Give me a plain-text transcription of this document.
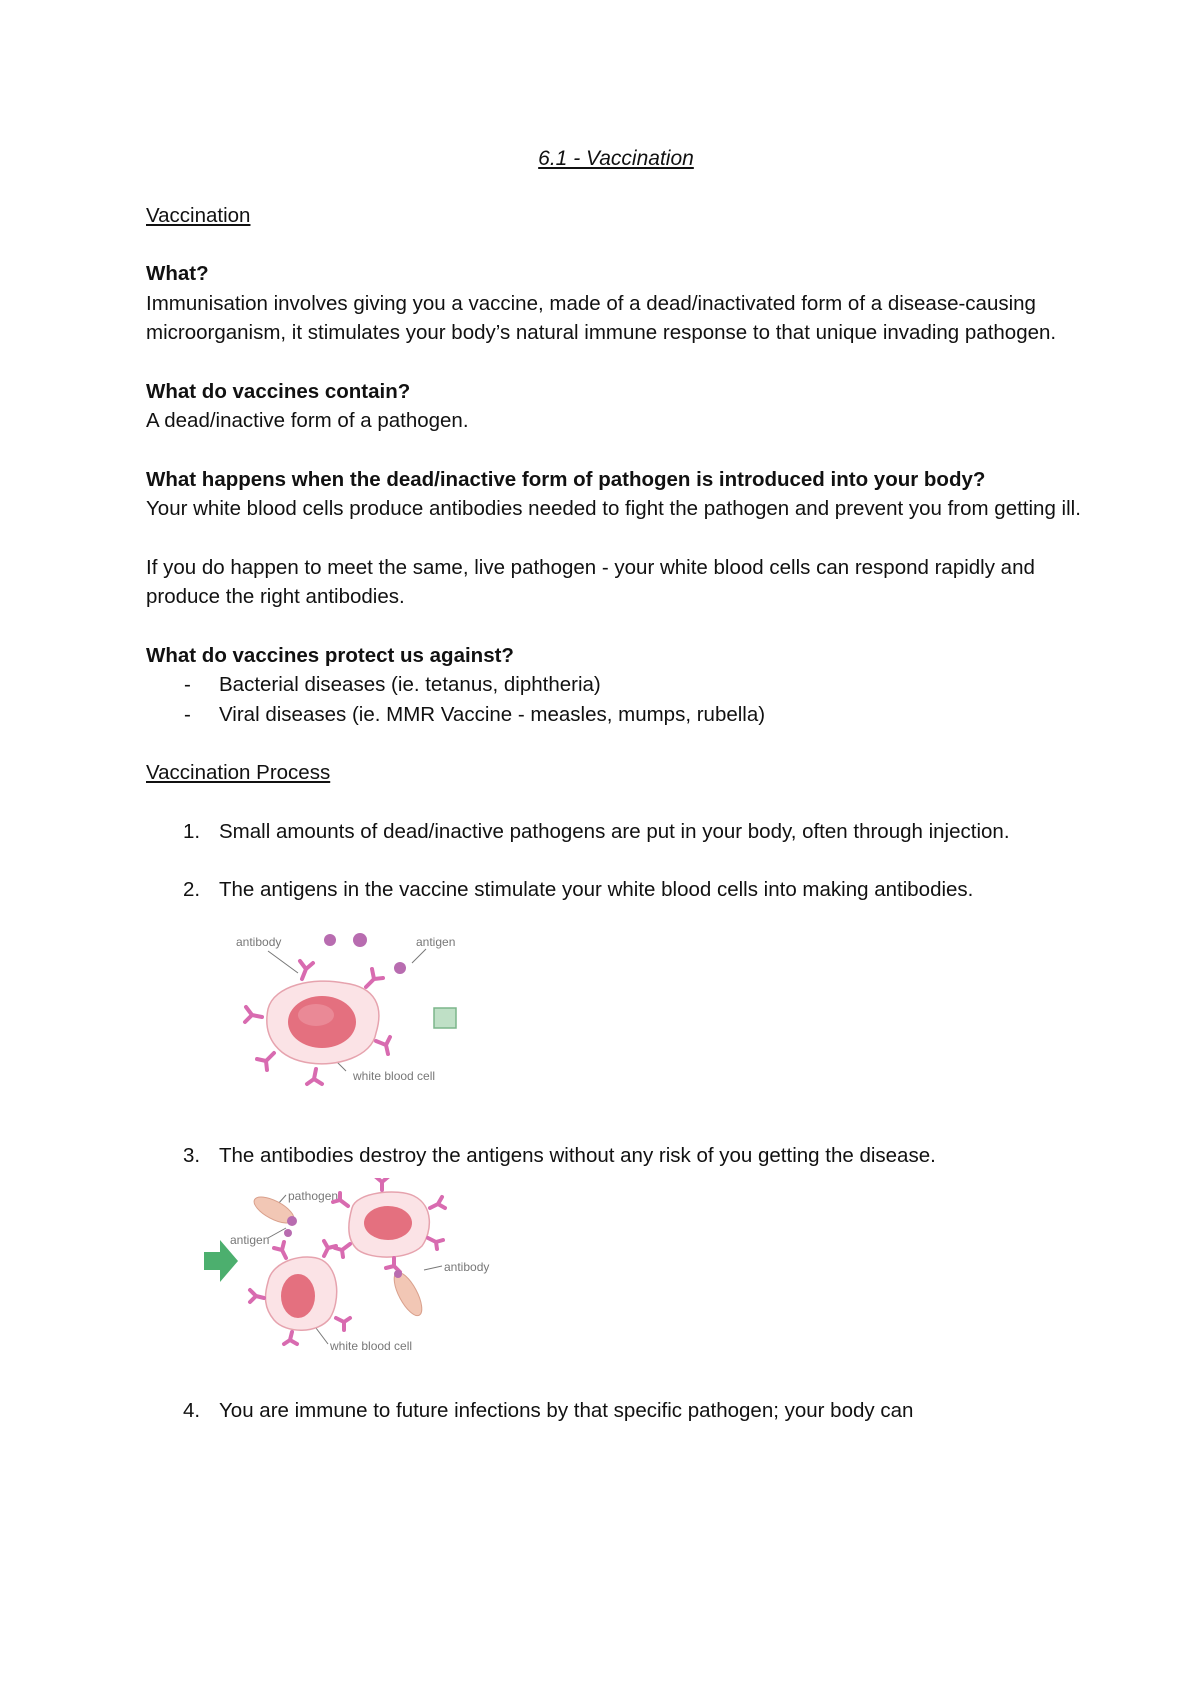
6.1 - Vaccination
Vaccination

What?

Immunisation involves giving you a vaccine, made of a dead/inactivated form of a disease-causing microorganism, it stimulates your body’s natural immune response to that unique invading pathogen.

What do vaccines contain?

A dead/inactive form of a pathogen.

What happens when the dead/inactive form of pathogen is introduced into your body?

Your white blood cells produce antibodies needed to fight the pathogen and prevent you from getting ill.

If you do happen to meet the same, live pathogen - your white blood cells can respond rapidly and produce the right antibodies.

What do vaccines protect us against?

- Bacterial diseases (ie. tetanus, diphtheria)
- Viral diseases (ie. MMR Vaccine - measles, mumps, rubella)
Vaccination Process
1. Small amounts of dead/inactive pathogens are put in your body, often through injection.
2. The antigens in the vaccine stimulate your white blood cells into making antibodies.
antibody	antigen
white blood cell
3. The antibodies destroy the antigens without any risk of you getting the disease.
pathogen
antigen
antibody
white blood cell
4. You are immune to future infections by that specific pathogen; your body can
